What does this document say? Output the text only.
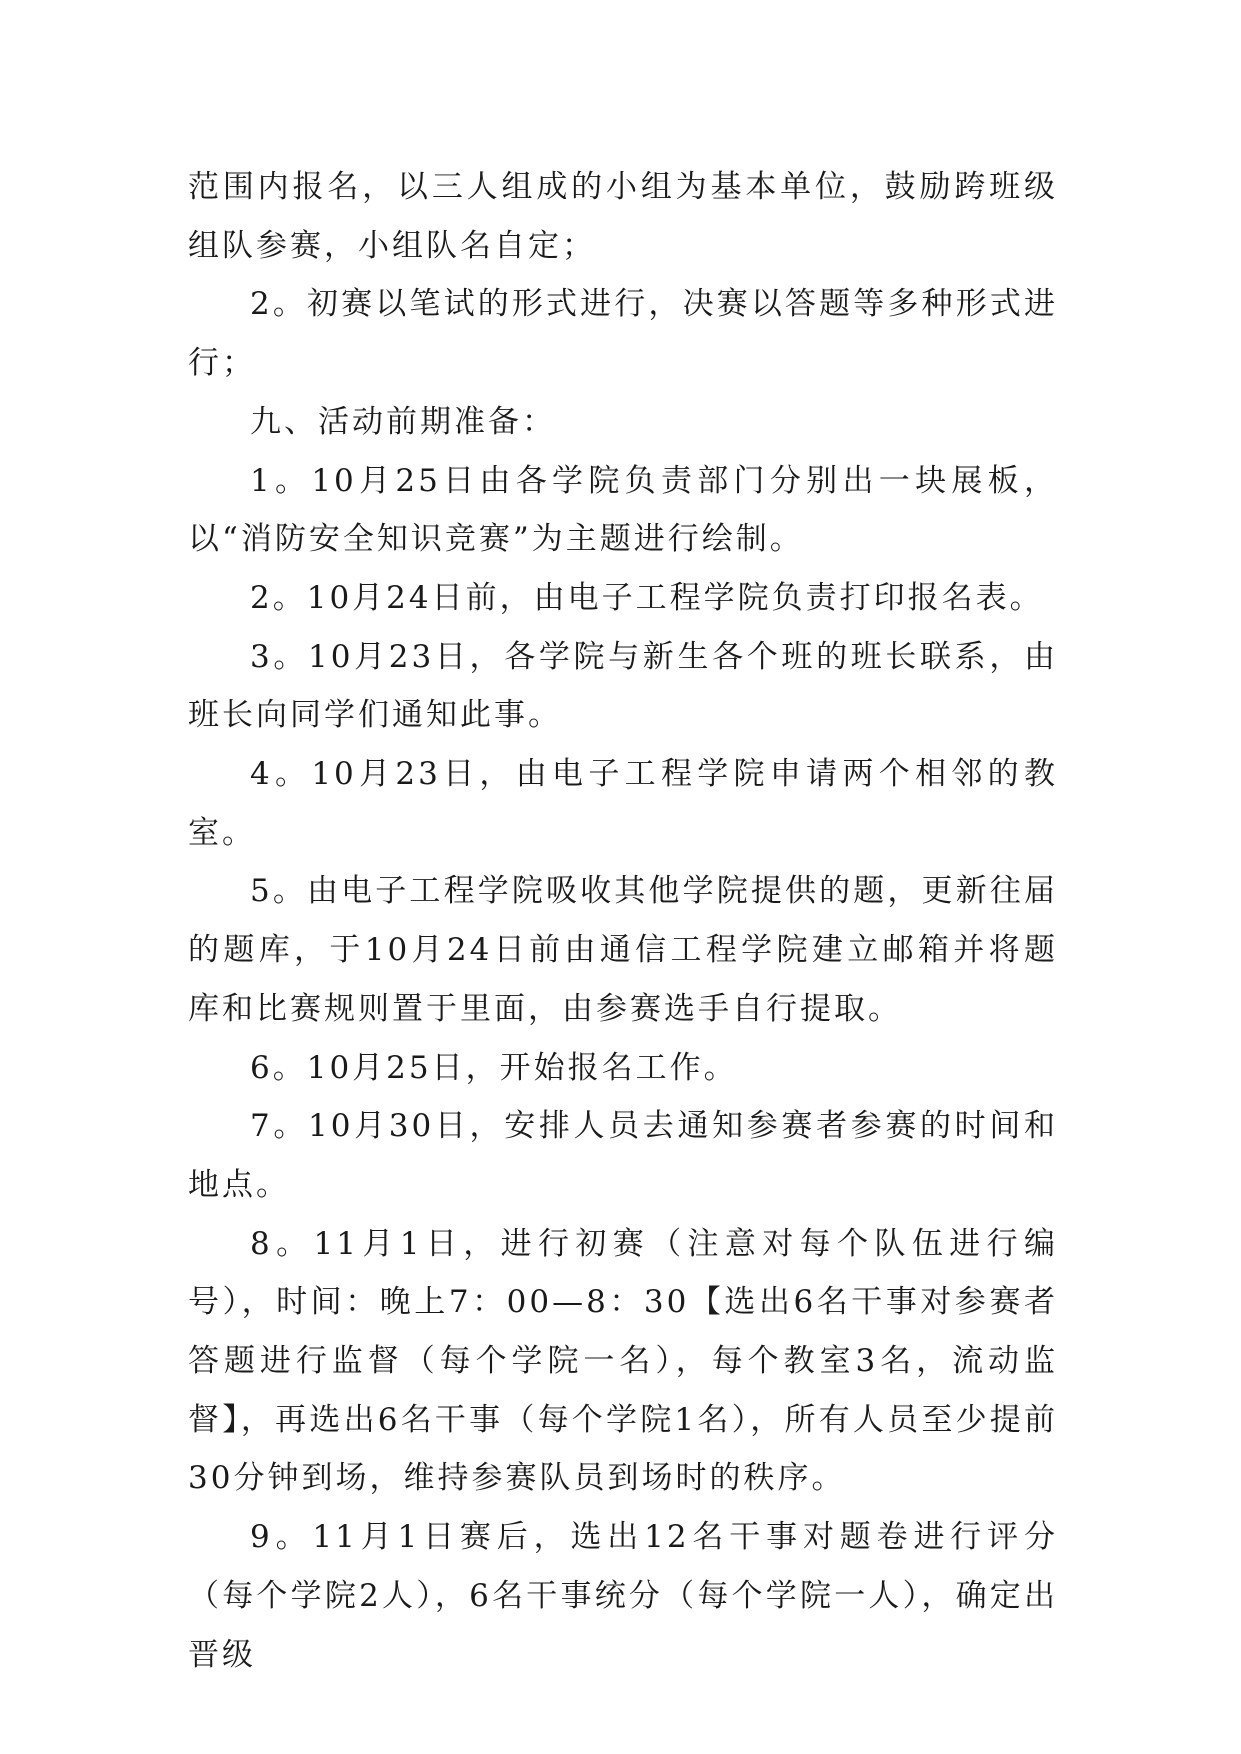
范围内报名，以三人组成的小组为基本单位，鼓励跨班级组队参赛，小组队名自定；

2。初赛以笔试的形式进行，决赛以答题等多种形式进行；

九、活动前期准备：

1。10月25日由各学院负责部门分别出一块展板，以“消防安全知识竞赛”为主题进行绘制。

2。10月24日前，由电子工程学院负责打印报名表。

3。10月23日，各学院与新生各个班的班长联系，由班长向同学们通知此事。

4。10月23日，由电子工程学院申请两个相邻的教室。

5。由电子工程学院吸收其他学院提供的题，更新往届的题库，于10月24日前由通信工程学院建立邮箱并将题库和比赛规则置于里面，由参赛选手自行提取。

6。10月25日，开始报名工作。

7。10月30日，安排人员去通知参赛者参赛的时间和地点。

8。11月1日，进行初赛（注意对每个队伍进行编号），时间：晚上7：00—8：30【选出6名干事对参赛者答题进行监督（每个学院一名），每个教室3名，流动监督】，再选出6名干事（每个学院1名），所有人员至少提前30分钟到场，维持参赛队员到场时的秩序。

9。11月1日赛后，选出12名干事对题卷进行评分（每个学院2人），6名干事统分（每个学院一人），确定出晋级
